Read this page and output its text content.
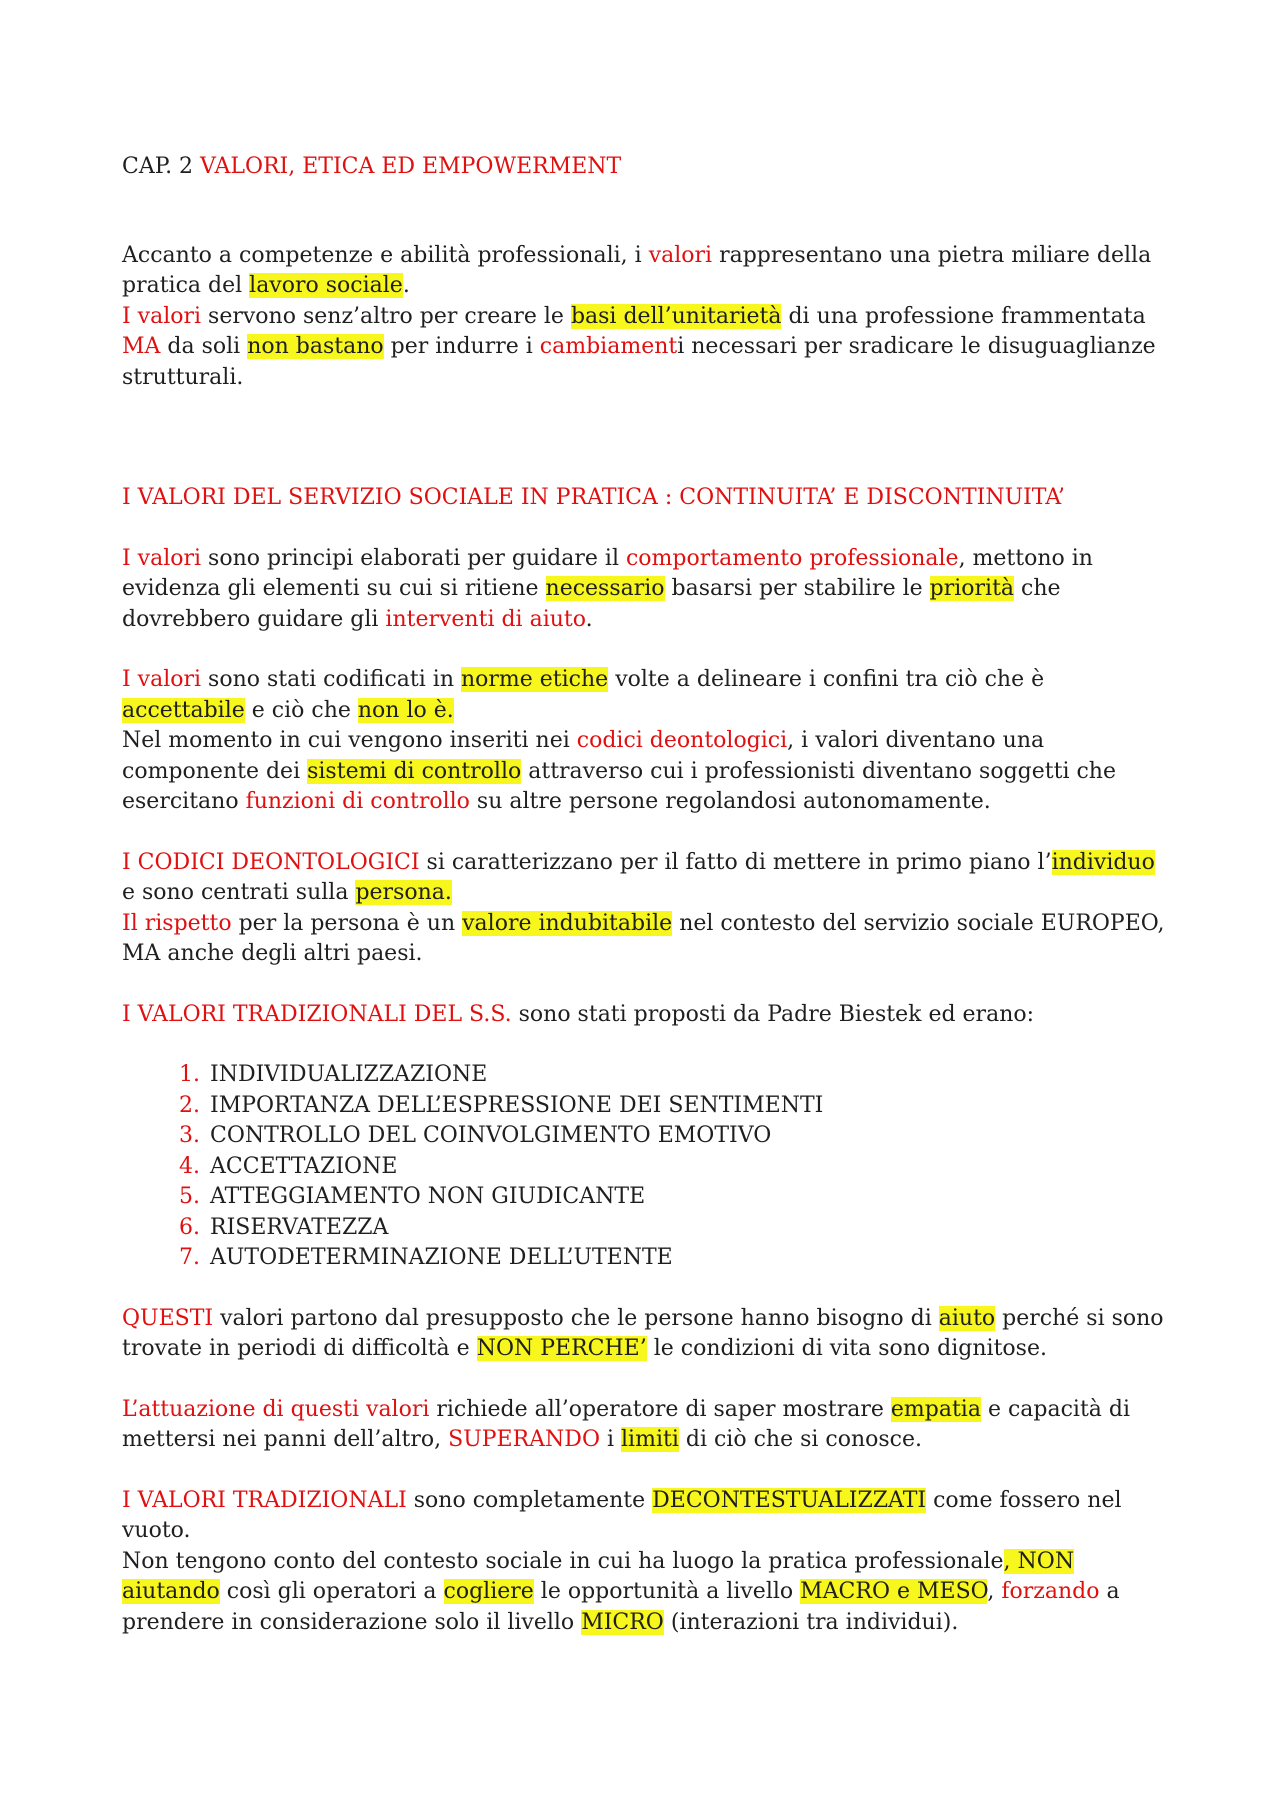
CAP. 2 VALORI, ETICA ED EMPOWERMENT

Accanto a competenze e abilità professionali, i valori rappresentano una pietra miliare della pratica del lavoro sociale.

I valori servono senz’altro per creare le basi dell’unitarietà di una professione frammentata MA da soli non bastano per indurre i cambiamenti necessari per sradicare le disuguaglianze strutturali.

I VALORI DEL SERVIZIO SOCIALE IN PRATICA : CONTINUITA’ E DISCONTINUITA’

I valori sono principi elaborati per guidare il comportamento professionale, mettono in evidenza gli elementi su cui si ritiene necessario basarsi per stabilire le priorità che dovrebbero guidare gli interventi di aiuto.

I valori sono stati codificati in norme etiche volte a delineare i confini tra ciò che è accettabile e ciò che non lo è.

Nel momento in cui vengono inseriti nei codici deontologici, i valori diventano una componente dei sistemi di controllo attraverso cui i professionisti diventano soggetti che esercitano funzioni di controllo su altre persone regolandosi autonomamente.

I CODICI DEONTOLOGICI si caratterizzano per il fatto di mettere in primo piano l’individuo e sono centrati sulla persona.

Il rispetto per la persona è un valore indubitabile nel contesto del servizio sociale EUROPEO, MA anche degli altri paesi.

I VALORI TRADIZIONALI DEL S.S. sono stati proposti da Padre Biestek ed erano:

1. INDIVIDUALIZZAZIONE
2. IMPORTANZA DELL’ESPRESSIONE DEI SENTIMENTI
3. CONTROLLO DEL COINVOLGIMENTO EMOTIVO
4. ACCETTAZIONE
5. ATTEGGIAMENTO NON GIUDICANTE
6. RISERVATEZZA
7. AUTODETERMINAZIONE DELL’UTENTE

QUESTI valori partono dal presupposto che le persone hanno bisogno di aiuto perché si sono trovate in periodi di difficoltà e NON PERCHE’ le condizioni di vita sono dignitose.

L’attuazione di questi valori richiede all’operatore di saper mostrare empatia e capacità di mettersi nei panni dell’altro, SUPERANDO i limiti di ciò che si conosce.

I VALORI TRADIZIONALI sono completamente DECONTESTUALIZZATI come fossero nel vuoto.

Non tengono conto del contesto sociale in cui ha luogo la pratica professionale, NON aiutando così gli operatori a cogliere le opportunità a livello MACRO e MESO, forzando a prendere in considerazione solo il livello MICRO (interazioni tra individui).
